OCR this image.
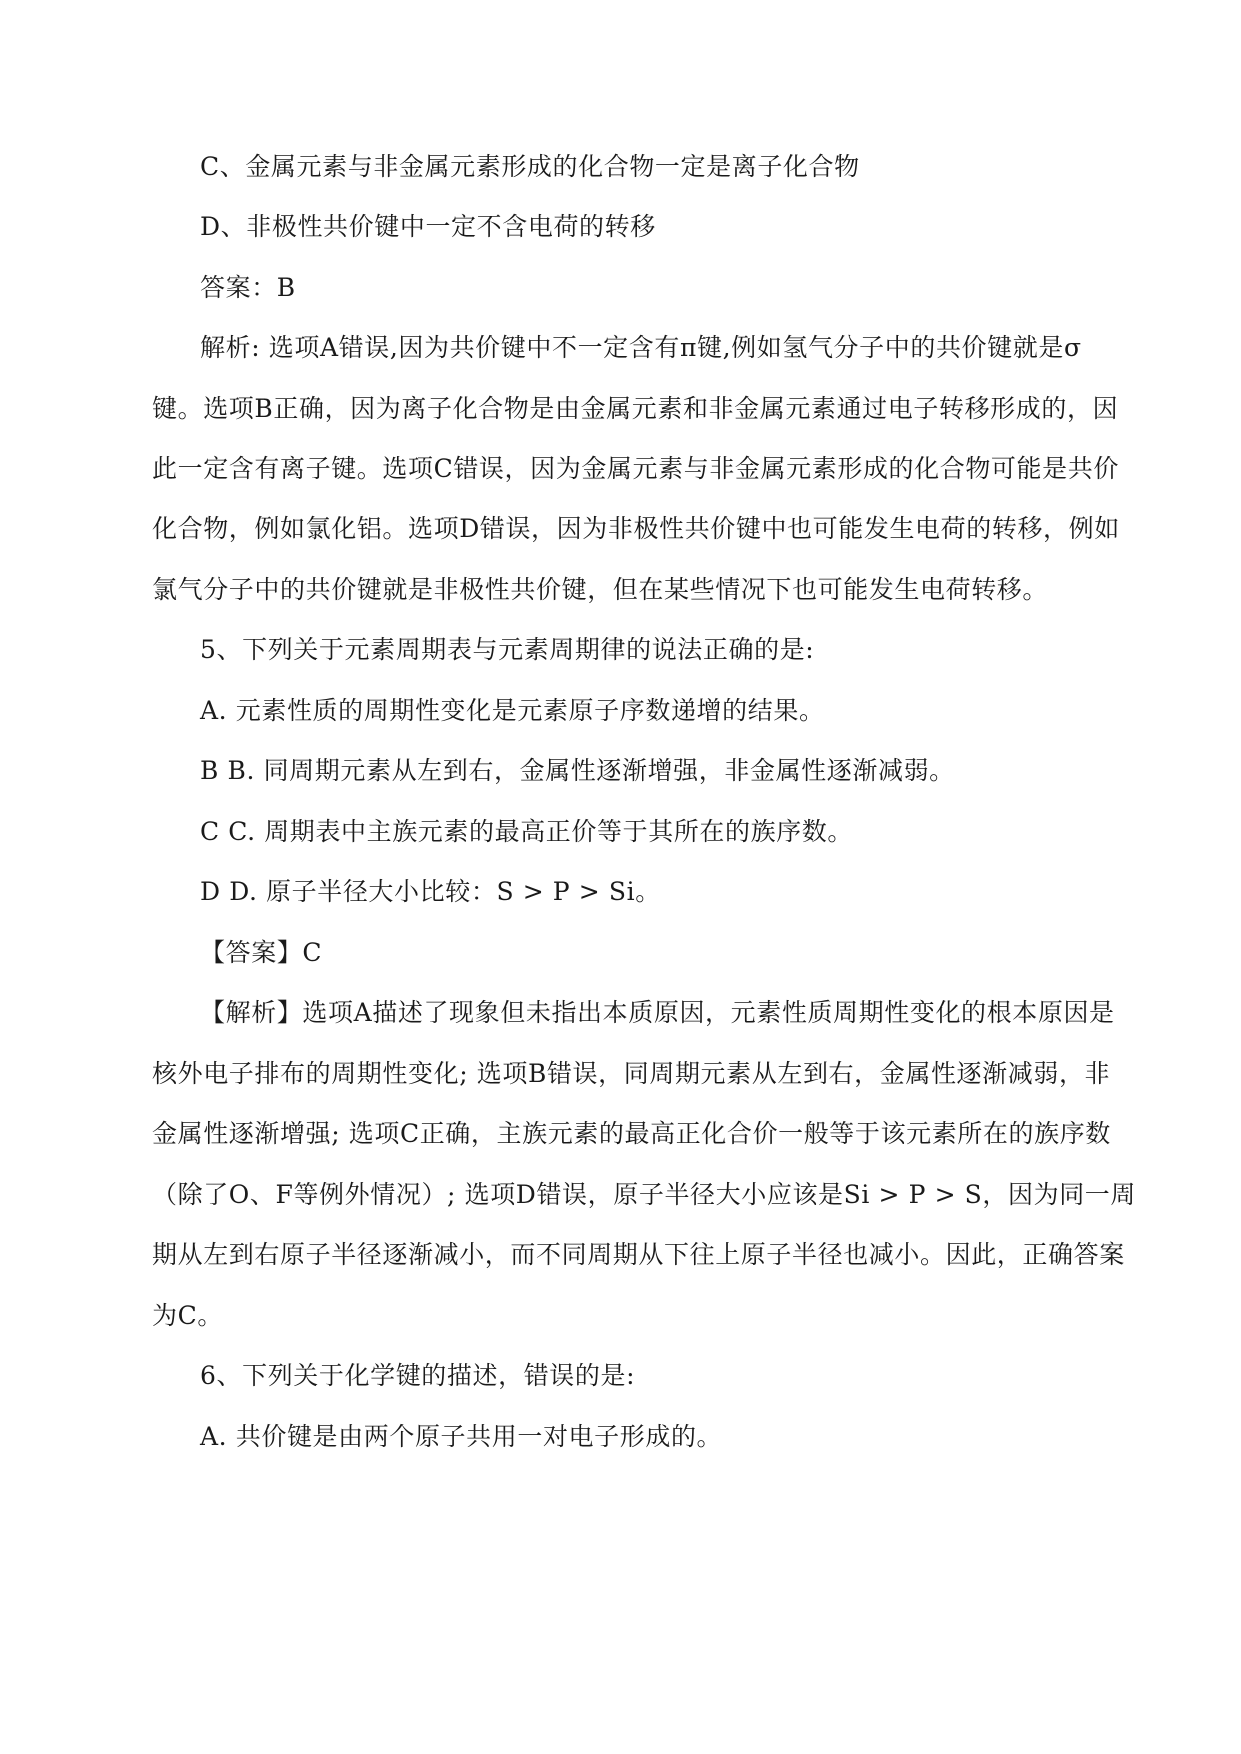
C、金属元素与非金属元素形成的化合物一定是离子化合物
D、非极性共价键中一定不含电荷的转移
答案：B
解析: 选项A错误,因为共价键中不一定含有π键,例如氢气分子中的共价键就是σ
键。选项B正确，因为离子化合物是由金属元素和非金属元素通过电子转移形成的，因
此一定含有离子键。选项C错误，因为金属元素与非金属元素形成的化合物可能是共价
化合物，例如氯化铝。选项D错误，因为非极性共价键中也可能发生电荷的转移，例如
氯气分子中的共价键就是非极性共价键，但在某些情况下也可能发生电荷转移。
5、下列关于元素周期表与元素周期律的说法正确的是:
A. 元素性质的周期性变化是元素原子序数递增的结果。
B B. 同周期元素从左到右，金属性逐渐增强，非金属性逐渐减弱。
C C. 周期表中主族元素的最高正价等于其所在的族序数。
D D. 原子半径大小比较：S > P > Si。
【答案】C
【解析】选项A描述了现象但未指出本质原因，元素性质周期性变化的根本原因是
核外电子排布的周期性变化; 选项B错误，同周期元素从左到右，金属性逐渐减弱，非
金属性逐渐增强; 选项C正确，主族元素的最高正化合价一般等于该元素所在的族序数
（除了O、F等例外情况）; 选项D错误，原子半径大小应该是Si > P > S，因为同一周
期从左到右原子半径逐渐减小，而不同周期从下往上原子半径也减小。因此，正确答案
为C。
6、下列关于化学键的描述，错误的是:
A. 共价键是由两个原子共用一对电子形成的。
